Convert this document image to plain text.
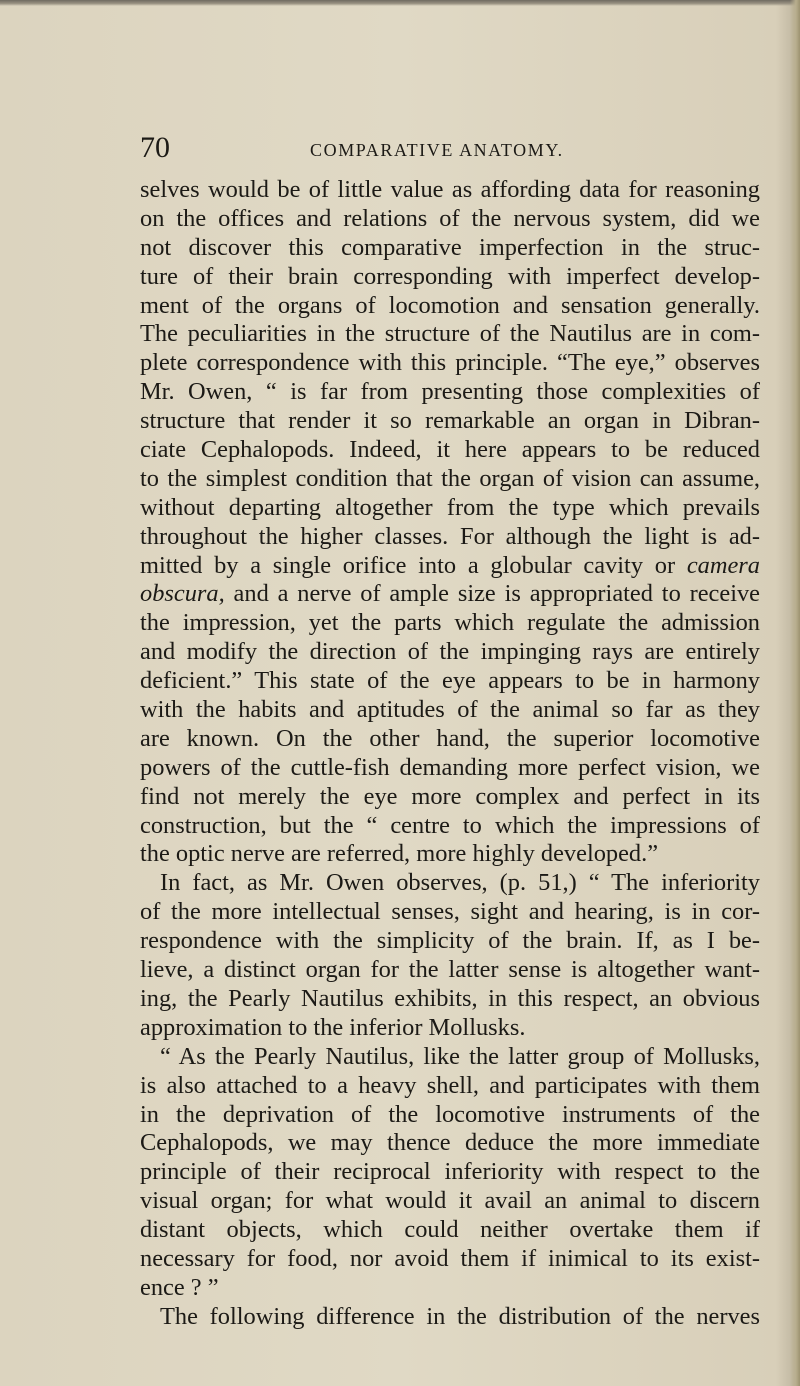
70	COMPARATIVE ANATOMY.
selves would be of little value as affording data for reasoning
on the offices and relations of the nervous system, did we
not discover this comparative imperfection in the struc-
ture of their brain corresponding with imperfect develop-
ment of the organs of locomotion and sensation generally.
The peculiarities in the structure of the Nautilus are in com-
plete correspondence with this principle. “The eye,” observes
Mr. Owen, “ is far from presenting those complexities of
structure that render it so remarkable an organ in Dibran-
ciate Cephalopods. Indeed, it here appears to be reduced
to the simplest condition that the organ of vision can assume,
without departing altogether from the type which prevails
throughout the higher classes. For although the light is ad-
mitted by a single orifice into a globular cavity or camera
obscura, and a nerve of ample size is appropriated to receive
the impression, yet the parts which regulate the admission
and modify the direction of the impinging rays are entirely
deficient.” This state of the eye appears to be in harmony
with the habits and aptitudes of the animal so far as they
are known. On the other hand, the superior locomotive
powers of the cuttle-fish demanding more perfect vision, we
find not merely the eye more complex and perfect in its
construction, but the “ centre to which the impressions of
the optic nerve are referred, more highly developed.”
In fact, as Mr. Owen observes, (p. 51,) “ The inferiority
of the more intellectual senses, sight and hearing, is in cor-
respondence with the simplicity of the brain. If, as I be-
lieve, a distinct organ for the latter sense is altogether want-
ing, the Pearly Nautilus exhibits, in this respect, an obvious
approximation to the inferior Mollusks.
“ As the Pearly Nautilus, like the latter group of Mollusks,
is also attached to a heavy shell, and participates with them
in the deprivation of the locomotive instruments of the
Cephalopods, we may thence deduce the more immediate
principle of their reciprocal inferiority with respect to the
visual organ; for what would it avail an animal to discern
distant objects, which could neither overtake them if
necessary for food, nor avoid them if inimical to its exist-
ence ? ”
The following difference in the distribution of the nerves
